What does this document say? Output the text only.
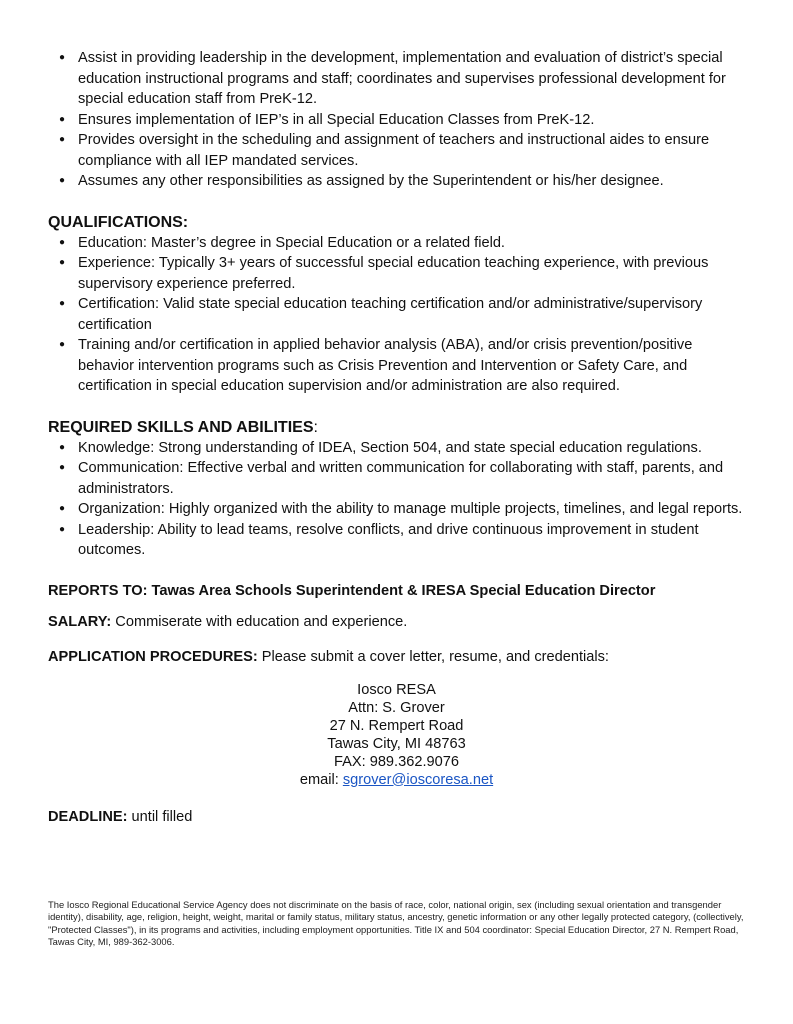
● Assist in providing leadership in the development, implementation and evaluation of district’s special education instructional programs and staff; coordinates and supervises professional development for special education staff from PreK-12.
● Ensures implementation of IEP’s in all Special Education Classes from PreK-12.
● Provides oversight in the scheduling and assignment of teachers and instructional aides to ensure compliance with all IEP mandated services.
● Assumes any other responsibilities as assigned by the Superintendent or his/her designee.
QUALIFICATIONS:
● Education: Master’s degree in Special Education or a related field.
● Experience: Typically 3+ years of successful special education teaching experience, with previous supervisory experience preferred.
● Certification: Valid state special education teaching certification and/or administrative/supervisory certification
● Training and/or certification in applied behavior analysis (ABA), and/or crisis prevention/positive behavior intervention programs such as Crisis Prevention and Intervention or Safety Care, and certification in special education supervision and/or administration are also required.
REQUIRED SKILLS AND ABILITIES:
● Knowledge: Strong understanding of IDEA, Section 504, and state special education regulations.
● Communication: Effective verbal and written communication for collaborating with staff, parents, and administrators.
● Organization: Highly organized with the ability to manage multiple projects, timelines, and legal reports.
● Leadership: Ability to lead teams, resolve conflicts, and drive continuous improvement in student outcomes.

REPORTS TO: Tawas Area Schools Superintendent & IRESA Special Education Director

SALARY: Commiserate with education and experience.

APPLICATION PROCEDURES: Please submit a cover letter, resume, and credentials:

Iosco RESA
Attn: S. Grover
27 N. Rempert Road
Tawas City, MI 48763
FAX: 989.362.9076
email: sgrover@ioscoresa.net

DEADLINE: until filled

The Iosco Regional Educational Service Agency does not discriminate on the basis of race, color, national origin, sex (including sexual orientation and transgender identity), disability, age, religion, height, weight, marital or family status, military status, ancestry, genetic information or any other legally protected category, (collectively, "Protected Classes"), in its programs and activities, including employment opportunities. Title IX and 504 coordinator: Special Education Director, 27 N. Rempert Road, Tawas City, MI, 989-362-3006.
